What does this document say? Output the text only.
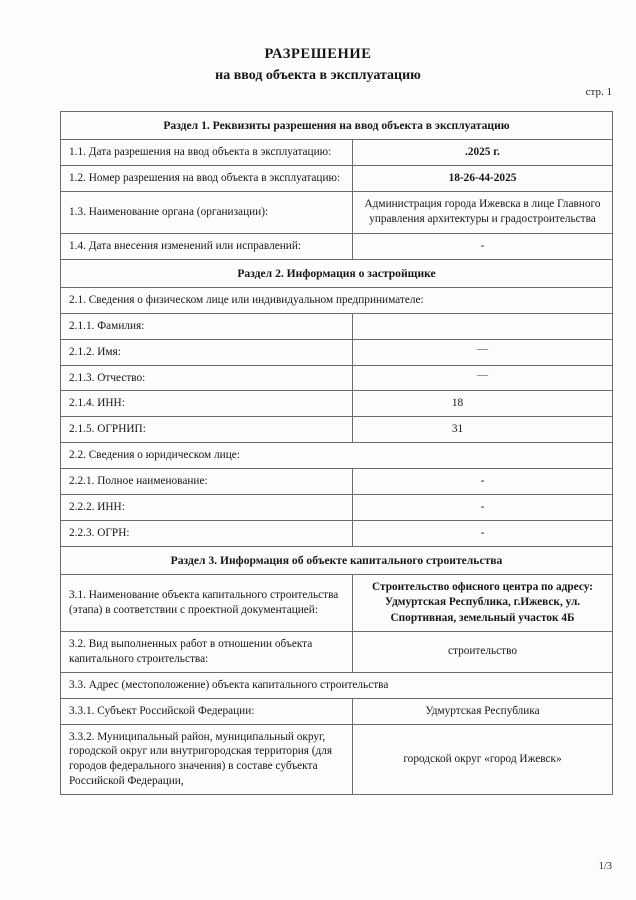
РАЗРЕШЕНИЕ

на ввод объекта в эксплуатацию

стр. 1
Раздел 1. Реквизиты разрешения на ввод объекта в эксплуатацию	
1.1. Дата разрешения на ввод объекта в эксплуатацию:	.2025 г.
1.2. Номер разрешения на ввод объекта в эксплуатацию:	18-26-44-2025
1.3. Наименование органа (организации):	Администрация города Ижевска в лице Главного управления архитектуры и градостроительства

1.4. Дата внесения изменений или исправлений:	-
Раздел 2. Информация о застройщике	
2.1. Сведения о физическом лице или индивидуальном предпринимателе:	
2.1.1. Фамилия:	
2.1.2. Имя:	—
2.1.3. Отчество:	—
2.1.4. ИНН:	18
2.1.5. ОГРНИП:	31
2.2. Сведения о юридическом лице:	
2.2.1. Полное наименование:	-
2.2.2. ИНН:	-
2.2.3. ОГРН:	-
Раздел 3. Информация об объекте капитального строительства	
3.1. Наименование объекта капитального строительства (этапа) в соответствии с проектной документацией:	Строительство офисного центра по адресу: Удмуртская Республика, г.Ижевск, ул. Спортивная, земельный участок 4Б

3.2. Вид выполненных работ в отношении объекта капитального строительства:	строительство
3.3. Адрес (местоположение) объекта капитального строительства	
3.3.1. Субъект Российской Федерации:	Удмуртская Республика
3.3.2. Муниципальный район, муниципальный округ, городской округ или внутригородская территория (для городов федерального значения) в составе субъекта Российской Федерации,	городской округ «город Ижевск»
1/3
